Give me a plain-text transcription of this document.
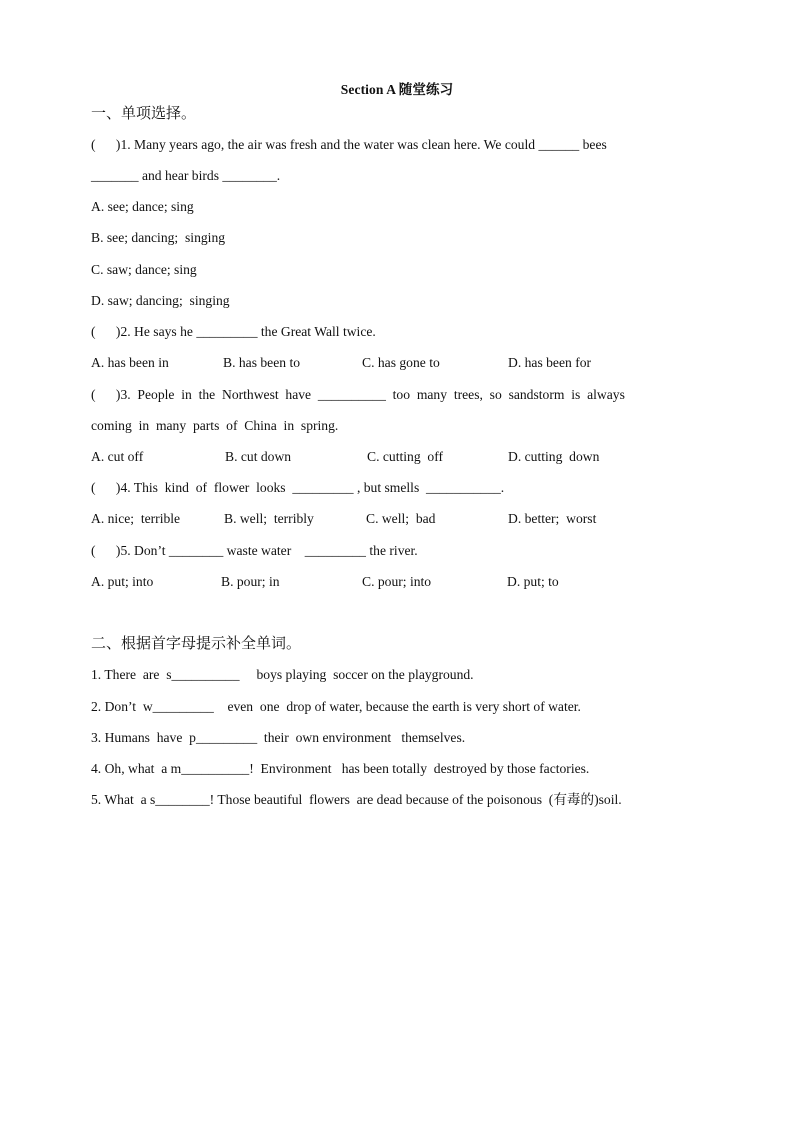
Section A 随堂练习
一、单项选择。
(      )1. Many years ago, the air was fresh and the water was clean here. We could ______ bees
_______ and hear birds ________.
A. see; dance; sing
B. see; dancing;  singing
C. saw; dance; sing
D. saw; dancing;  singing
(      )2. He says he _________ the Great Wall twice.

A. has been in

	B. has been to

	C. has gone to

	D. has been for

(      )3.  People  in  the  Northwest  have  __________  too  many  trees,  so  sandstorm  is  always
coming  in  many  parts  of  China  in  spring.

A. cut off

	B. cut down

	C. cutting  off

	D. cutting  down

(      )4. This  kind  of  flower  looks  _________ , but smells  ___________.

A. nice;  terrible

	B. well;  terribly

	C. well;  bad

	D. better;  worst

(      )5. Don’t ________ waste water    _________ the river.

A. put; into

	B. pour; in

	C. pour; into

	D. put; to

二、根据首字母提示补全单词。
1. There  are  s__________     boys playing  soccer on the playground.
2. Don’t  w_________    even  one  drop of water, because the earth is very short of water.
3. Humans  have  p_________  their  own environment   themselves.
4. Oh, what  a m__________!  Environment   has been totally  destroyed by those factories.
5. What  a s________! Those beautiful  flowers  are dead because of the poisonous  (有毒的)soil.
